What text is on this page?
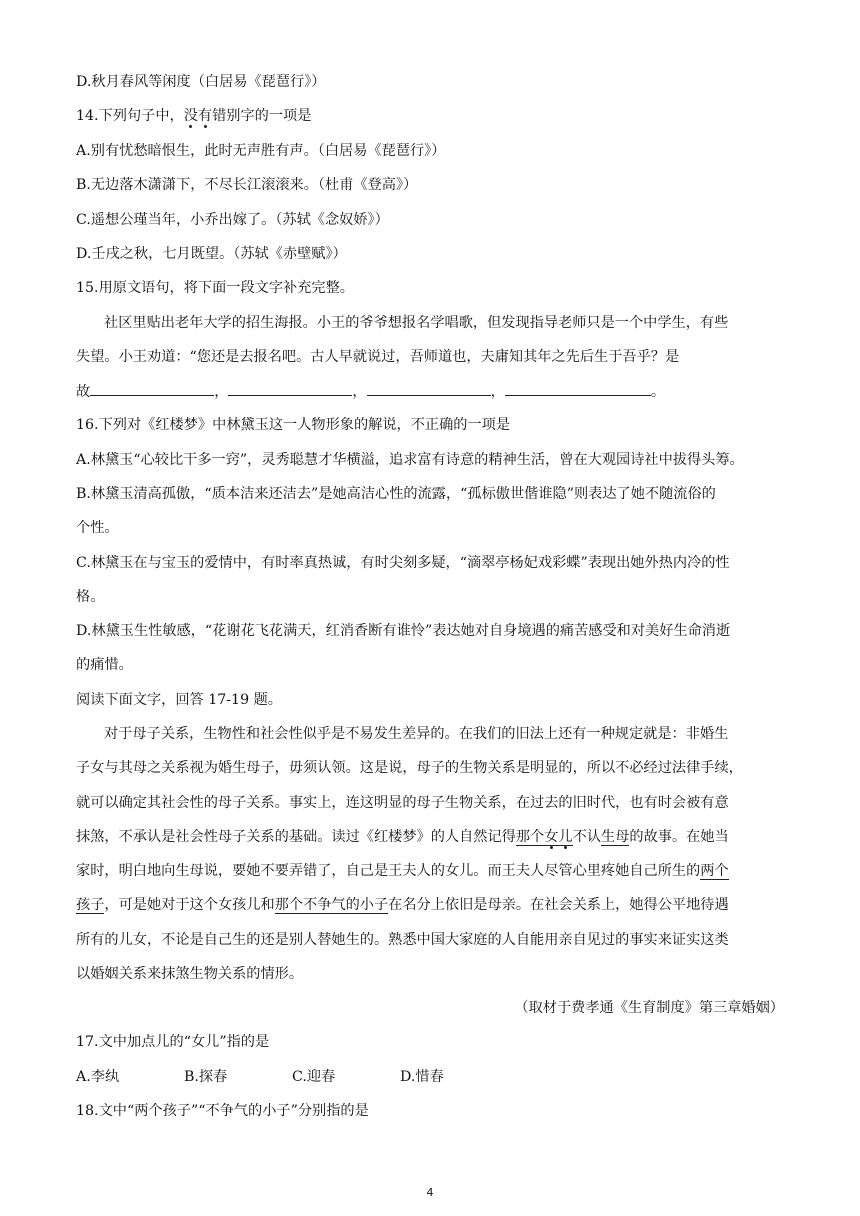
D.秋月春风等闲度（白居易《琵琶行》）
14.下列句子中，没有错别字的一项是
A.别有忧愁暗恨生，此时无声胜有声。（白居易《琵琶行》）
B.无边落木潇潇下，不尽长江滚滚来。（杜甫《登高》）
C.遥想公瑾当年，小乔出嫁了。（苏轼《念奴娇》）
D.壬戌之秋，七月既望。（苏轼《赤壁赋》）
15.用原文语句，将下面一段文字补充完整。
社区里贴出老年大学的招生海报。小王的爷爷想报名学唱歌，但发现指导老师只是一个中学生，有些
失望。小王劝道：“您还是去报名吧。古人早就说过，吾师道也，夫庸知其年之先后生于吾乎？是
故	，	，	，	。
16.下列对《红楼梦》中林黛玉这一人物形象的解说，不正确的一项是
A.林黛玉“心较比干多一窍”，灵秀聪慧才华横溢，追求富有诗意的精神生活，曾在大观园诗社中拔得头筹。
B.林黛玉清高孤傲，“质本洁来还洁去”是她高洁心性的流露，“孤标傲世偕谁隐”则表达了她不随流俗的
个性。
C.林黛玉在与宝玉的爱情中，有时率真热诚，有时尖刻多疑，“滴翠亭杨妃戏彩蝶”表现出她外热内冷的性
格。
D.林黛玉生性敏感，“花谢花飞花满天，红消香断有谁怜”表达她对自身境遇的痛苦感受和对美好生命消逝
的痛惜。
阅读下面文字，回答 17-19 题。
对于母子关系，生物性和社会性似乎是不易发生差异的。在我们的旧法上还有一种规定就是：非婚生
子女与其母之关系视为婚生母子，毋须认领。这是说，母子的生物关系是明显的，所以不必经过法律手续，
就可以确定其社会性的母子关系。事实上，连这明显的母子生物关系，在过去的旧时代，也有时会被有意
抹煞，不承认是社会性母子关系的基础。读过《红楼梦》的人自然记得那个女儿不认生母的故事。在她当
家时，明白地向生母说，要她不要弄错了，自己是王夫人的女儿。而王夫人尽管心里疼她自己所生的两个
孩子，可是她对于这个女孩儿和那个不争气的小子在名分上依旧是母亲。在社会关系上，她得公平地待遇
所有的儿女，不论是自己生的还是别人替她生的。熟悉中国大家庭的人自能用亲自见过的事实来证实这类
以婚姻关系来抹煞生物关系的情形。
（取材于费孝通《生育制度》第三章婚姻）
17.文中加点儿的“女儿”指的是
A.李纨	B.探春	C.迎春	D.惜春
18.文中“两个孩子”“不争气的小子”分别指的是
4
